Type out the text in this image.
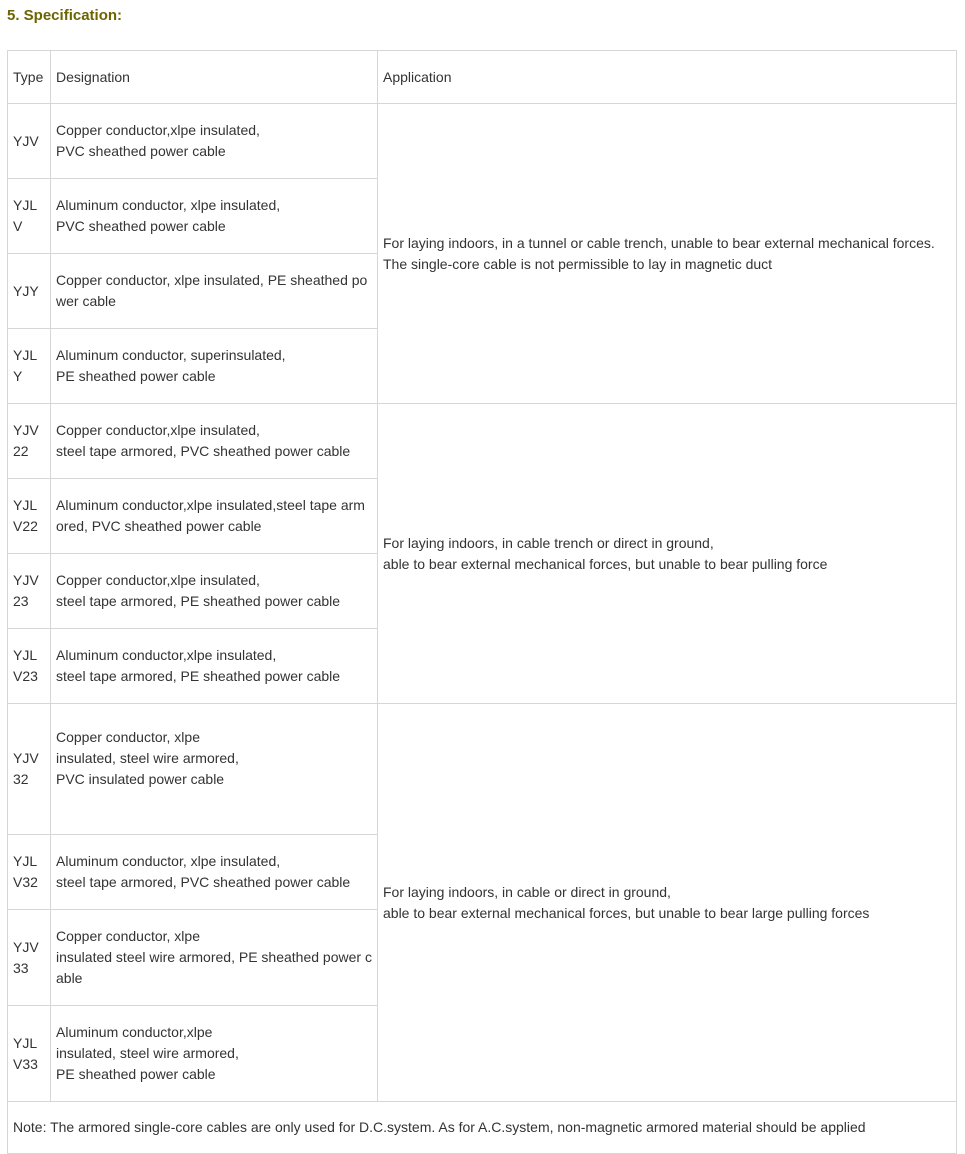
5. Specification:
Type	Designation	Application
YJV	Copper conductor,xlpe insulated,
PVC sheathed power cable	For laying indoors, in a tunnel or cable trench, unable to bear external mechanical forces.
The single-core cable is not permissible to lay in magnetic duct
YJLV	Aluminum conductor, xlpe insulated,
PVC sheathed power cable	
YJY	Copper conductor, xlpe insulated, PE sheathed power cable	
YJLY	Aluminum conductor, superinsulated,
PE sheathed power cable	
YJV22	Copper conductor,xlpe insulated,
steel tape armored, PVC sheathed power cable	For laying indoors, in cable trench or direct in ground,
able to bear external mechanical forces, but unable to bear pulling force
YJLV22	Aluminum conductor,xlpe insulated,steel tape armored, PVC sheathed power cable	
YJV23	Copper conductor,xlpe insulated,
steel tape armored, PE sheathed power cable	
YJLV23	Aluminum conductor,xlpe insulated,
steel tape armored, PE sheathed power cable	
YJV32	Copper conductor, xlpe
insulated, steel wire armored,
PVC insulated power cable	For laying indoors, in cable or direct in ground,
able to bear external mechanical forces, but unable to bear large pulling forces
YJLV32	Aluminum conductor, xlpe insulated,
steel tape armored, PVC sheathed power cable	
YJV33	Copper conductor, xlpe
insulated steel wire armored, PE sheathed power cable	
YJLV33	Aluminum conductor,xlpe
insulated, steel wire armored,
PE sheathed power cable	
Note: The armored single-core cables are only used for D.C.system. As for A.C.system, non-magnetic armored material should be applied		
